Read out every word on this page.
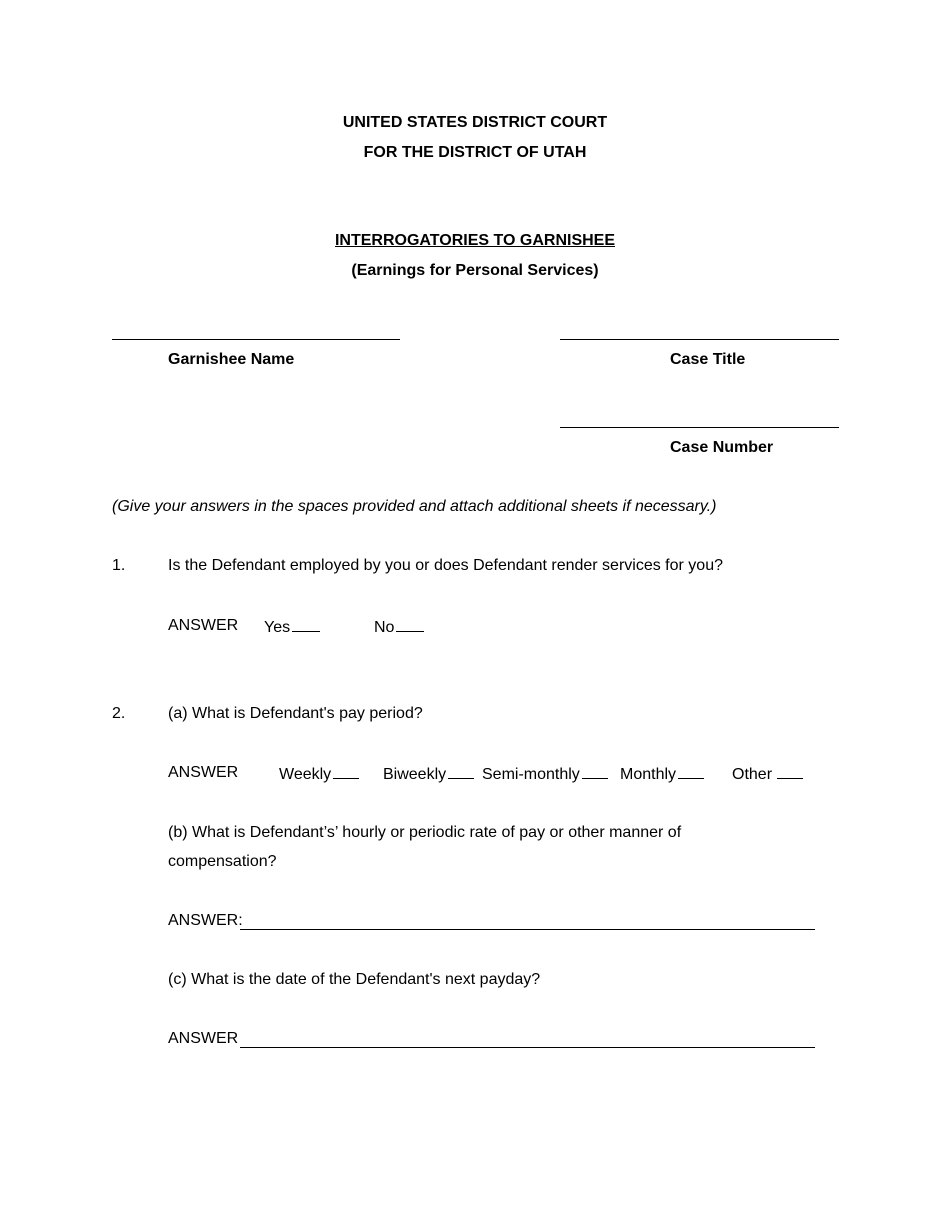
UNITED STATES DISTRICT COURT
FOR THE DISTRICT OF UTAH
INTERROGATORIES TO GARNISHEE
(Earnings for Personal Services)
Garnishee Name	Case Title
Case Number
(Give your answers in the spaces provided and attach additional sheets if necessary.)
1.	Is the Defendant employed by you or does Defendant render services for you?
ANSWER Yes	No
2.	(a) What is Defendant's pay period?
ANSWER	Weekly	Biweekly	Semi-monthly	Monthly	Other
(b) What is Defendant’s’ hourly or periodic rate of pay or other manner of
compensation?
ANSWER:
(c) What is the date of the Defendant's next payday?
ANSWER
